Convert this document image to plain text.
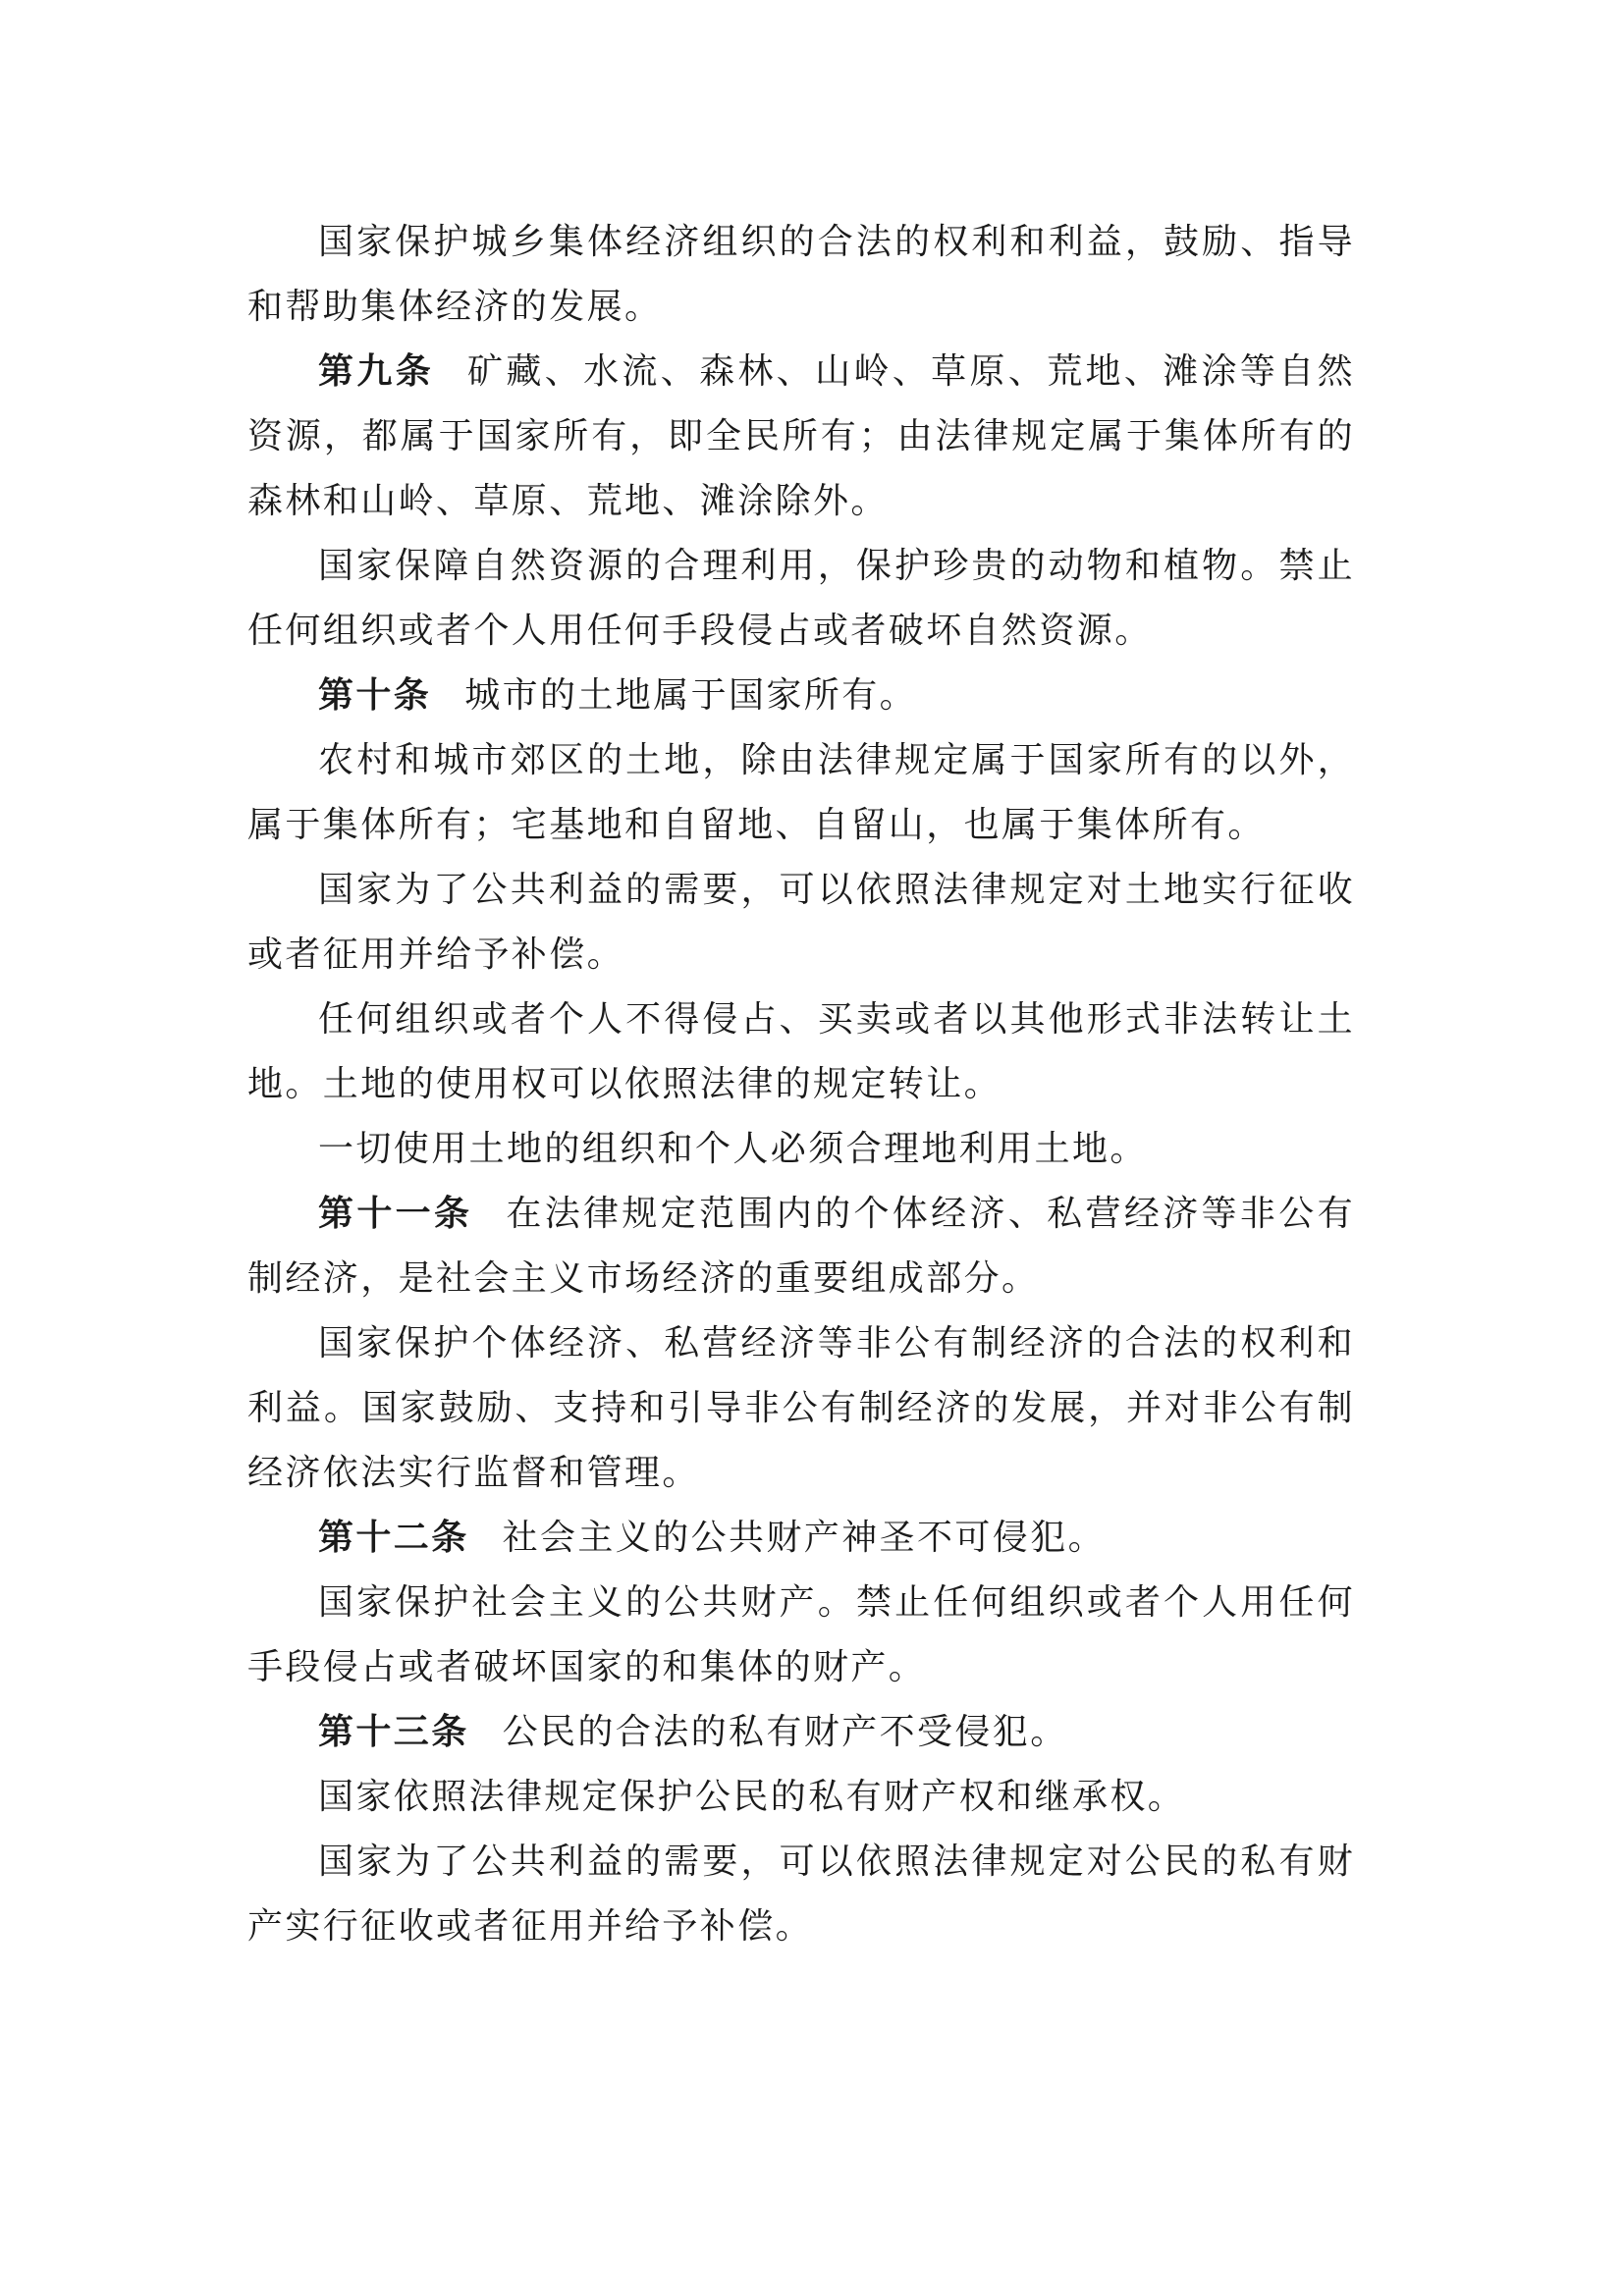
国家保护城乡集体经济组织的合法的权利和利益，鼓励、指导和帮助集体经济的发展。

第九条 矿藏、水流、森林、山岭、草原、荒地、滩涂等自然资源，都属于国家所有，即全民所有；由法律规定属于集体所有的森林和山岭、草原、荒地、滩涂除外。

国家保障自然资源的合理利用，保护珍贵的动物和植物。禁止任何组织或者个人用任何手段侵占或者破坏自然资源。

第十条 城市的土地属于国家所有。

农村和城市郊区的土地，除由法律规定属于国家所有的以外，属于集体所有；宅基地和自留地、自留山，也属于集体所有。

国家为了公共利益的需要，可以依照法律规定对土地实行征收或者征用并给予补偿。

任何组织或者个人不得侵占、买卖或者以其他形式非法转让土地。土地的使用权可以依照法律的规定转让。

一切使用土地的组织和个人必须合理地利用土地。

第十一条 在法律规定范围内的个体经济、私营经济等非公有制经济，是社会主义市场经济的重要组成部分。

国家保护个体经济、私营经济等非公有制经济的合法的权利和利益。国家鼓励、支持和引导非公有制经济的发展，并对非公有制经济依法实行监督和管理。

第十二条 社会主义的公共财产神圣不可侵犯。

国家保护社会主义的公共财产。禁止任何组织或者个人用任何手段侵占或者破坏国家的和集体的财产。

第十三条 公民的合法的私有财产不受侵犯。

国家依照法律规定保护公民的私有财产权和继承权。

国家为了公共利益的需要，可以依照法律规定对公民的私有财产实行征收或者征用并给予补偿。
